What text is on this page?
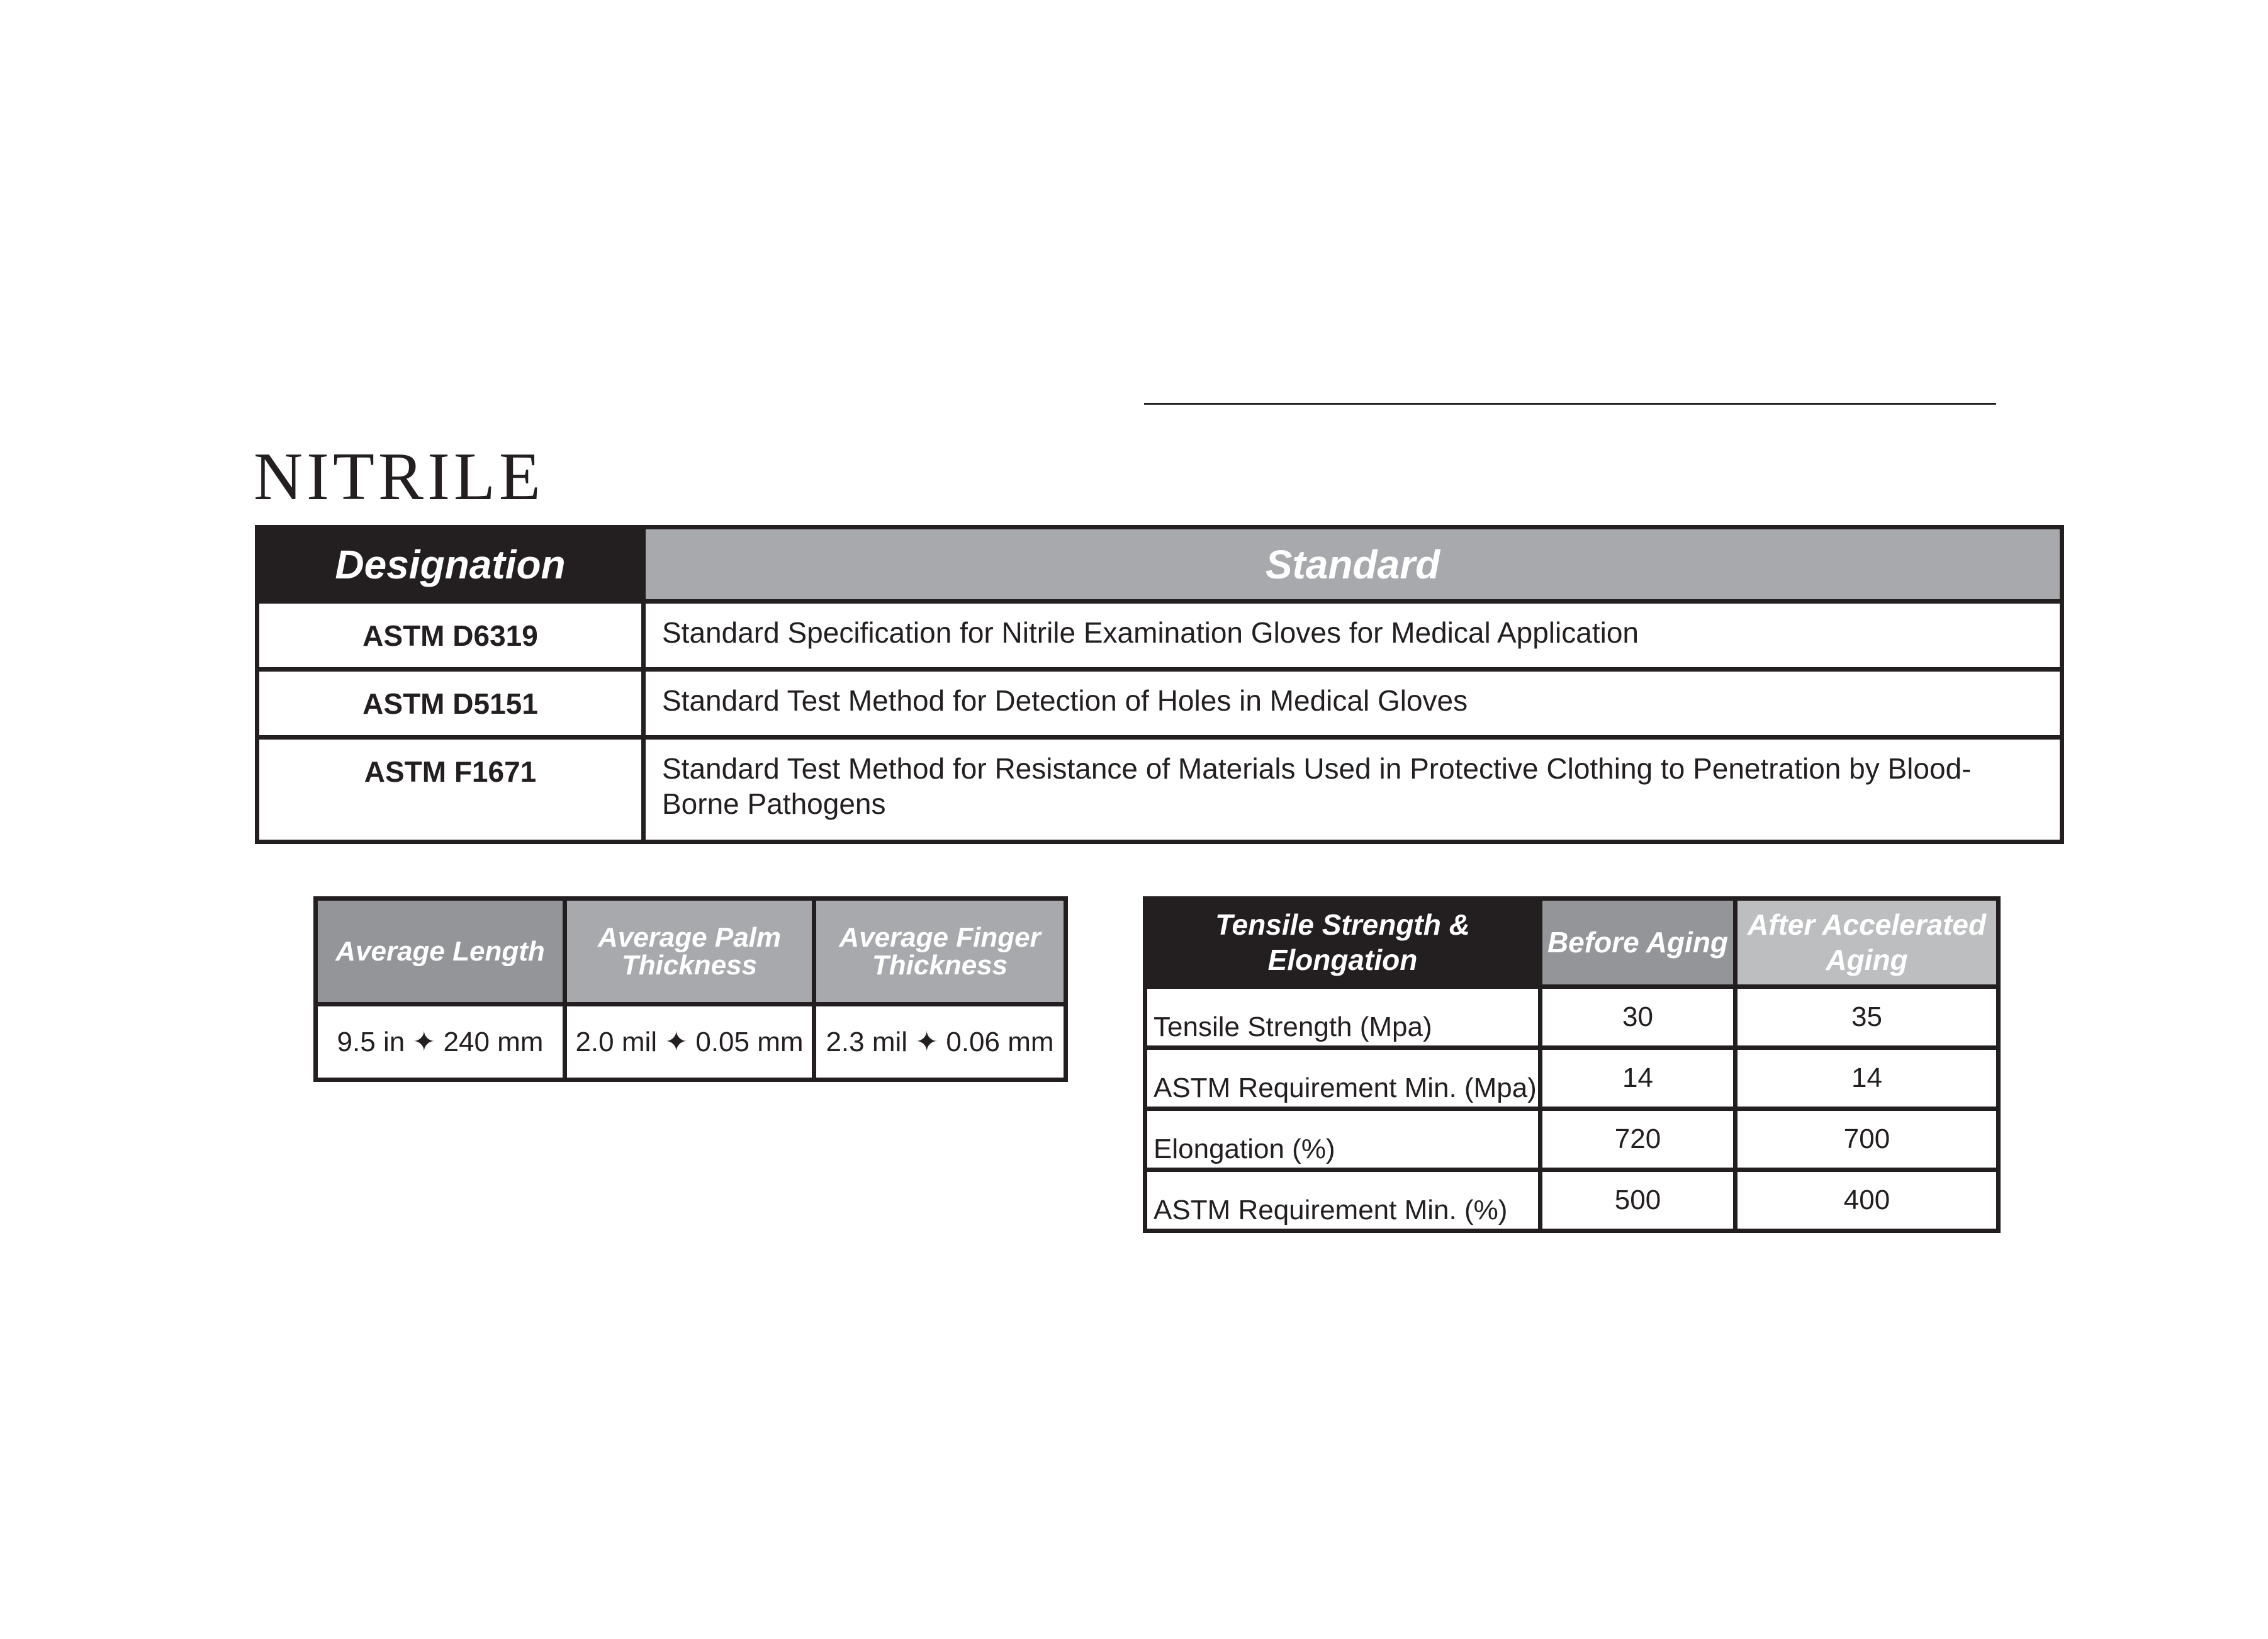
NITRILE
Designation	Standard
ASTM D6319	Standard Specification for Nitrile Examination Gloves for Medical Application
ASTM D5151	Standard Test Method for Detection of Holes in Medical Gloves
ASTM F1671	Standard Test Method for Resistance of Materials Used in Protective Clothing to Penetration by Blood-Borne Pathogens
Average Length	Average Palm Thickness	Average Finger Thickness
9.5 in ✦ 240 mm	2.0 mil ✦ 0.05 mm	2.3 mil ✦ 0.06 mm
Tensile Strength & Elongation	Before Aging	After Accelerated Aging
Tensile Strength (Mpa)	30	35
ASTM Requirement Min. (Mpa)	14	14
Elongation (%)	720	700
ASTM Requirement Min. (%)	500	400
